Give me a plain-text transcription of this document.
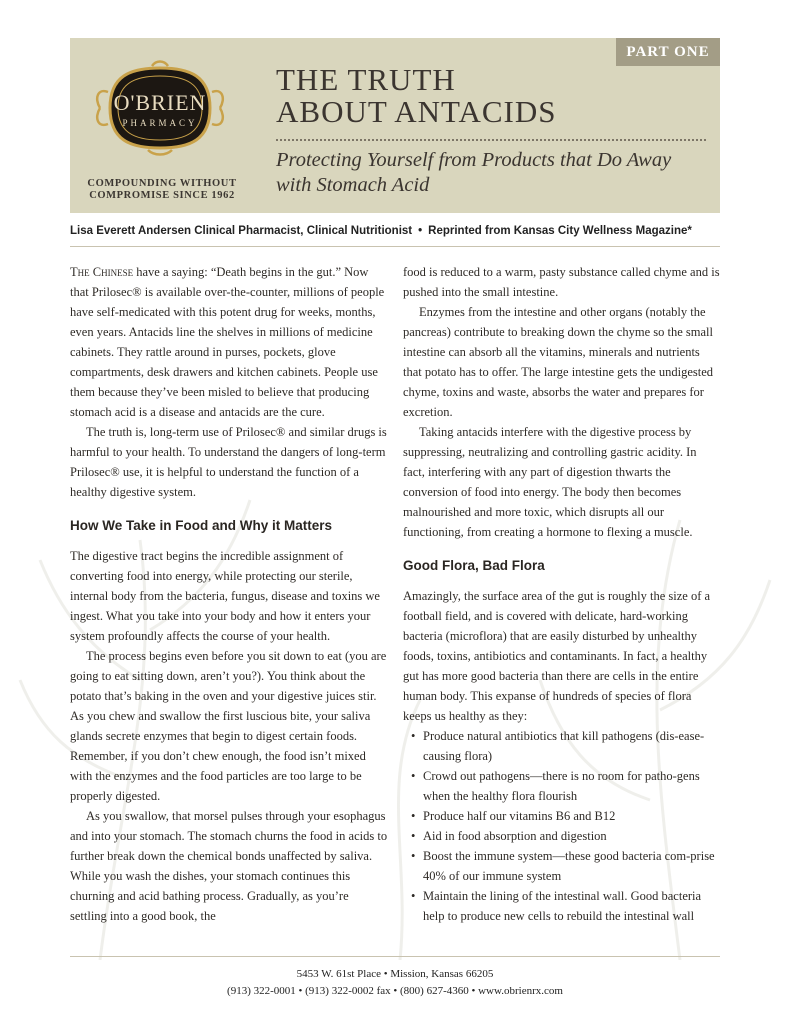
PART ONE
O'BRIEN
PHARMACY
COMPOUNDING WITHOUT
COMPROMISE SINCE 1962
THE TRUTH
ABOUT ANTACIDS
Protecting Yourself from Products that Do Away with Stomach Acid
Lisa Everett Andersen Clinical Pharmacist, Clinical Nutritionist • Reprinted from Kansas City Wellness Magazine*

The Chinese have a saying: “Death begins in the gut.” Now that Prilosec® is available over-the-counter, millions of people have self-medicated with this potent drug for weeks, months, even years. Antacids line the shelves in millions of medicine cabinets. They rattle around in purses, pockets, glove compartments, desk drawers and kitchen cabinets. People use them because they’ve been misled to believe that producing stomach acid is a disease and antacids are the cure.

The truth is, long-term use of Prilosec® and similar drugs is harmful to your health. To understand the dangers of long-term Prilosec® use, it is helpful to understand the function of a healthy digestive system.

How We Take in Food and Why it Matters

The digestive tract begins the incredible assignment of converting food into energy, while protecting our sterile, internal body from the bacteria, fungus, disease and toxins we ingest. What you take into your body and how it enters your system profoundly affects the course of your health.

The process begins even before you sit down to eat (you are going to eat sitting down, aren’t you?). You think about the potato that’s baking in the oven and your digestive juices stir. As you chew and swallow the first luscious bite, your saliva glands secrete enzymes that begin to digest certain foods. Remember, if you don’t chew enough, the food isn’t mixed with the enzymes and the food particles are too large to be properly digested.

As you swallow, that morsel pulses through your esophagus and into your stomach. The stomach churns the food in acids to further break down the chemical bonds unaffected by saliva. While you wash the dishes, your stomach continues this churning and acid bathing process. Gradually, as you’re settling into a good book, the

food is reduced to a warm, pasty substance called chyme and is pushed into the small intestine.

Enzymes from the intestine and other organs (notably the pancreas) contribute to breaking down the chyme so the small intestine can absorb all the vitamins, minerals and nutrients that potato has to offer. The large intestine gets the undigested chyme, toxins and waste, absorbs the water and prepares for excretion.

Taking antacids interfere with the digestive process by suppressing, neutralizing and controlling gastric acidity. In fact, interfering with any part of digestion thwarts the conversion of food into energy. The body then becomes malnourished and more toxic, which disrupts all our functioning, from creating a hormone to flexing a muscle.

Good Flora, Bad Flora

Amazingly, the surface area of the gut is roughly the size of a football field, and is covered with delicate, hard-working bacteria (microflora) that are easily disturbed by unhealthy foods, toxins, antibiotics and contaminants. In fact, a healthy gut has more good bacteria than there are cells in the entire human body. This expanse of hundreds of species of flora keeps us healthy as they:

• Produce natural antibiotics that kill pathogens (dis-ease-causing flora)
• Crowd out pathogens—there is no room for patho-gens when the healthy flora flourish
• Produce half our vitamins B6 and B12
• Aid in food absorption and digestion
• Boost the immune system—these good bacteria com-prise 40% of our immune system
• Maintain the lining of the intestinal wall. Good bacteria help to produce new cells to rebuild the intestinal wall
5453 W. 61st Place • Mission, Kansas 66205
(913) 322-0001 • (913) 322-0002 fax • (800) 627-4360 • www.obrienrx.com
